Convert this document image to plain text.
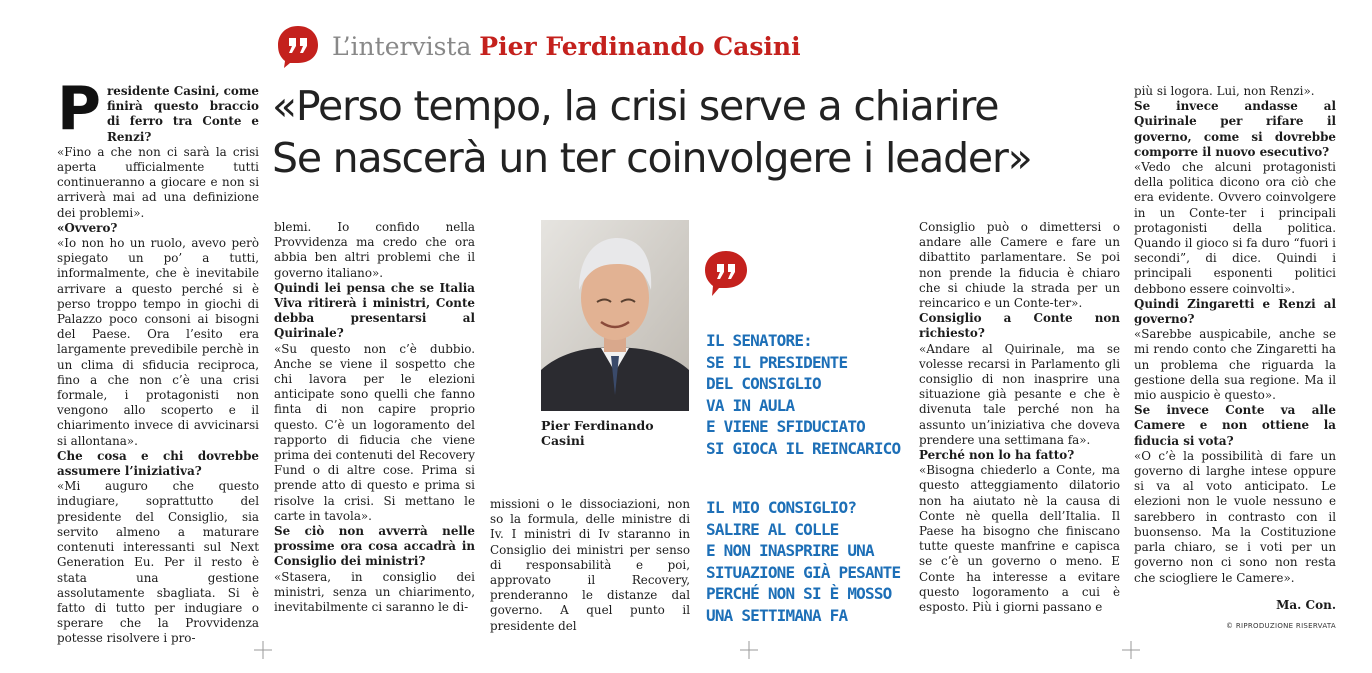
L’intervista Pier Ferdinando Casini
«Perso tempo, la crisi serve a chiarire
Se nascerà un ter coinvolgere i leader»

Presidente Casini, come finirà questo braccio di ferro tra Conte e Renzi?

«Fino a che non ci sarà la crisi aperta ufficialmente tutti continueranno a giocare e non si arriverà mai ad una definizione dei problemi».

«Ovvero?

«Io non ho un ruolo, avevo però spiegato un po’ a tutti, informalmente, che è inevitabile arrivare a questo perché si è perso troppo tempo in giochi di Palazzo poco consoni ai bisogni del Paese. Ora l’esito era largamente prevedibile perchè in un clima di sfiducia reciproca, fino a che non c’è una crisi formale, i protagonisti non vengono allo scoperto e il chiarimento invece di avvicinarsi si allontana».

Che cosa e chi dovrebbe assumere l’iniziativa?

«Mi auguro che questo indugiare, soprattutto del presidente del Consiglio, sia servito almeno a maturare contenuti interessanti sul Next Generation Eu. Per il resto è stata una gestione assolutamente sbagliata. Si è fatto di tutto per indugiare o sperare che la Provvidenza potesse risolvere i pro-

blemi. Io confido nella Provvidenza ma credo che ora abbia ben altri problemi che il governo italiano».

Quindi lei pensa che se Italia Viva ritirerà i ministri, Conte debba presentarsi al Quirinale?

«Su questo non c’è dubbio. Anche se viene il sospetto che chi lavora per le elezioni anticipate sono quelli che fanno finta di non capire proprio questo. C’è un logoramento del rapporto di fiducia che viene prima dei contenuti del Recovery Fund o di altre cose. Prima si prende atto di questo e prima si risolve la crisi. Si mettano le carte in tavola».

Se ciò non avverrà nelle prossime ora cosa accadrà in Consiglio dei ministri?

«Stasera, in consiglio dei ministri, senza un chiarimento, inevitabilmente ci saranno le di-

Pier Ferdinando
Casini

missioni o le dissociazioni, non so la formula, delle ministre di Iv. I ministri di Iv staranno in Consiglio dei ministri per senso di responsabilità e poi, approvato il Recovery, prenderanno le distanze dal governo. A quel punto il presidente del

IL SENATORE:
SE IL PRESIDENTE
DEL CONSIGLIO
VA IN AULA
E VIENE SFIDUCIATO
SI GIOCA IL REINCARICO
IL MIO CONSIGLIO?
SALIRE AL COLLE
E NON INASPRIRE UNA
SITUAZIONE GIÀ PESANTE
PERCHÉ NON SI È MOSSO
UNA SETTIMANA FA

Consiglio può o dimettersi o andare alle Camere e fare un dibattito parlamentare. Se poi non prende la fiducia è chiaro che si chiude la strada per un reincarico e un Conte-ter».

Consiglio a Conte non richiesto?

«Andare al Quirinale, ma se volesse recarsi in Parlamento gli consiglio di non inasprire una situazione già pesante e che è divenuta tale perché non ha assunto un’iniziativa che doveva prendere una settimana fa».

Perché non lo ha fatto?

«Bisogna chiederlo a Conte, ma questo atteggiamento dilatorio non ha aiutato nè la causa di Conte nè quella dell’Italia. Il Paese ha bisogno che finiscano tutte queste manfrine e capisca se c’è un governo o meno. E Conte ha interesse a evitare questo logoramento a cui è esposto. Più i giorni passano e

più si logora. Lui, non Renzi».

Se invece andasse al Quirinale per rifare il governo, come si dovrebbe comporre il nuovo esecutivo?

«Vedo che alcuni protagonisti della politica dicono ora ciò che era evidente. Ovvero coinvolgere in un Conte-ter i principali protagonisti della politica. Quando il gioco si fa duro “fuori i secondi”, di dice. Quindi i principali esponenti politici debbono essere coinvolti».

Quindi Zingaretti e Renzi al governo?

«Sarebbe auspicabile, anche se mi rendo conto che Zingaretti ha un problema che riguarda la gestione della sua regione. Ma il mio auspicio è questo».

Se invece Conte va alle Camere e non ottiene la fiducia si vota?

«O c’è la possibilità di fare un governo di larghe intese oppure si va al voto anticipato. Le elezioni non le vuole nessuno e sarebbero in contrasto con il buonsenso. Ma la Costituzione parla chiaro, se i voti per un governo non ci sono non resta che sciogliere le Camere».

Ma. Con.
© RIPRODUZIONE RISERVATA
